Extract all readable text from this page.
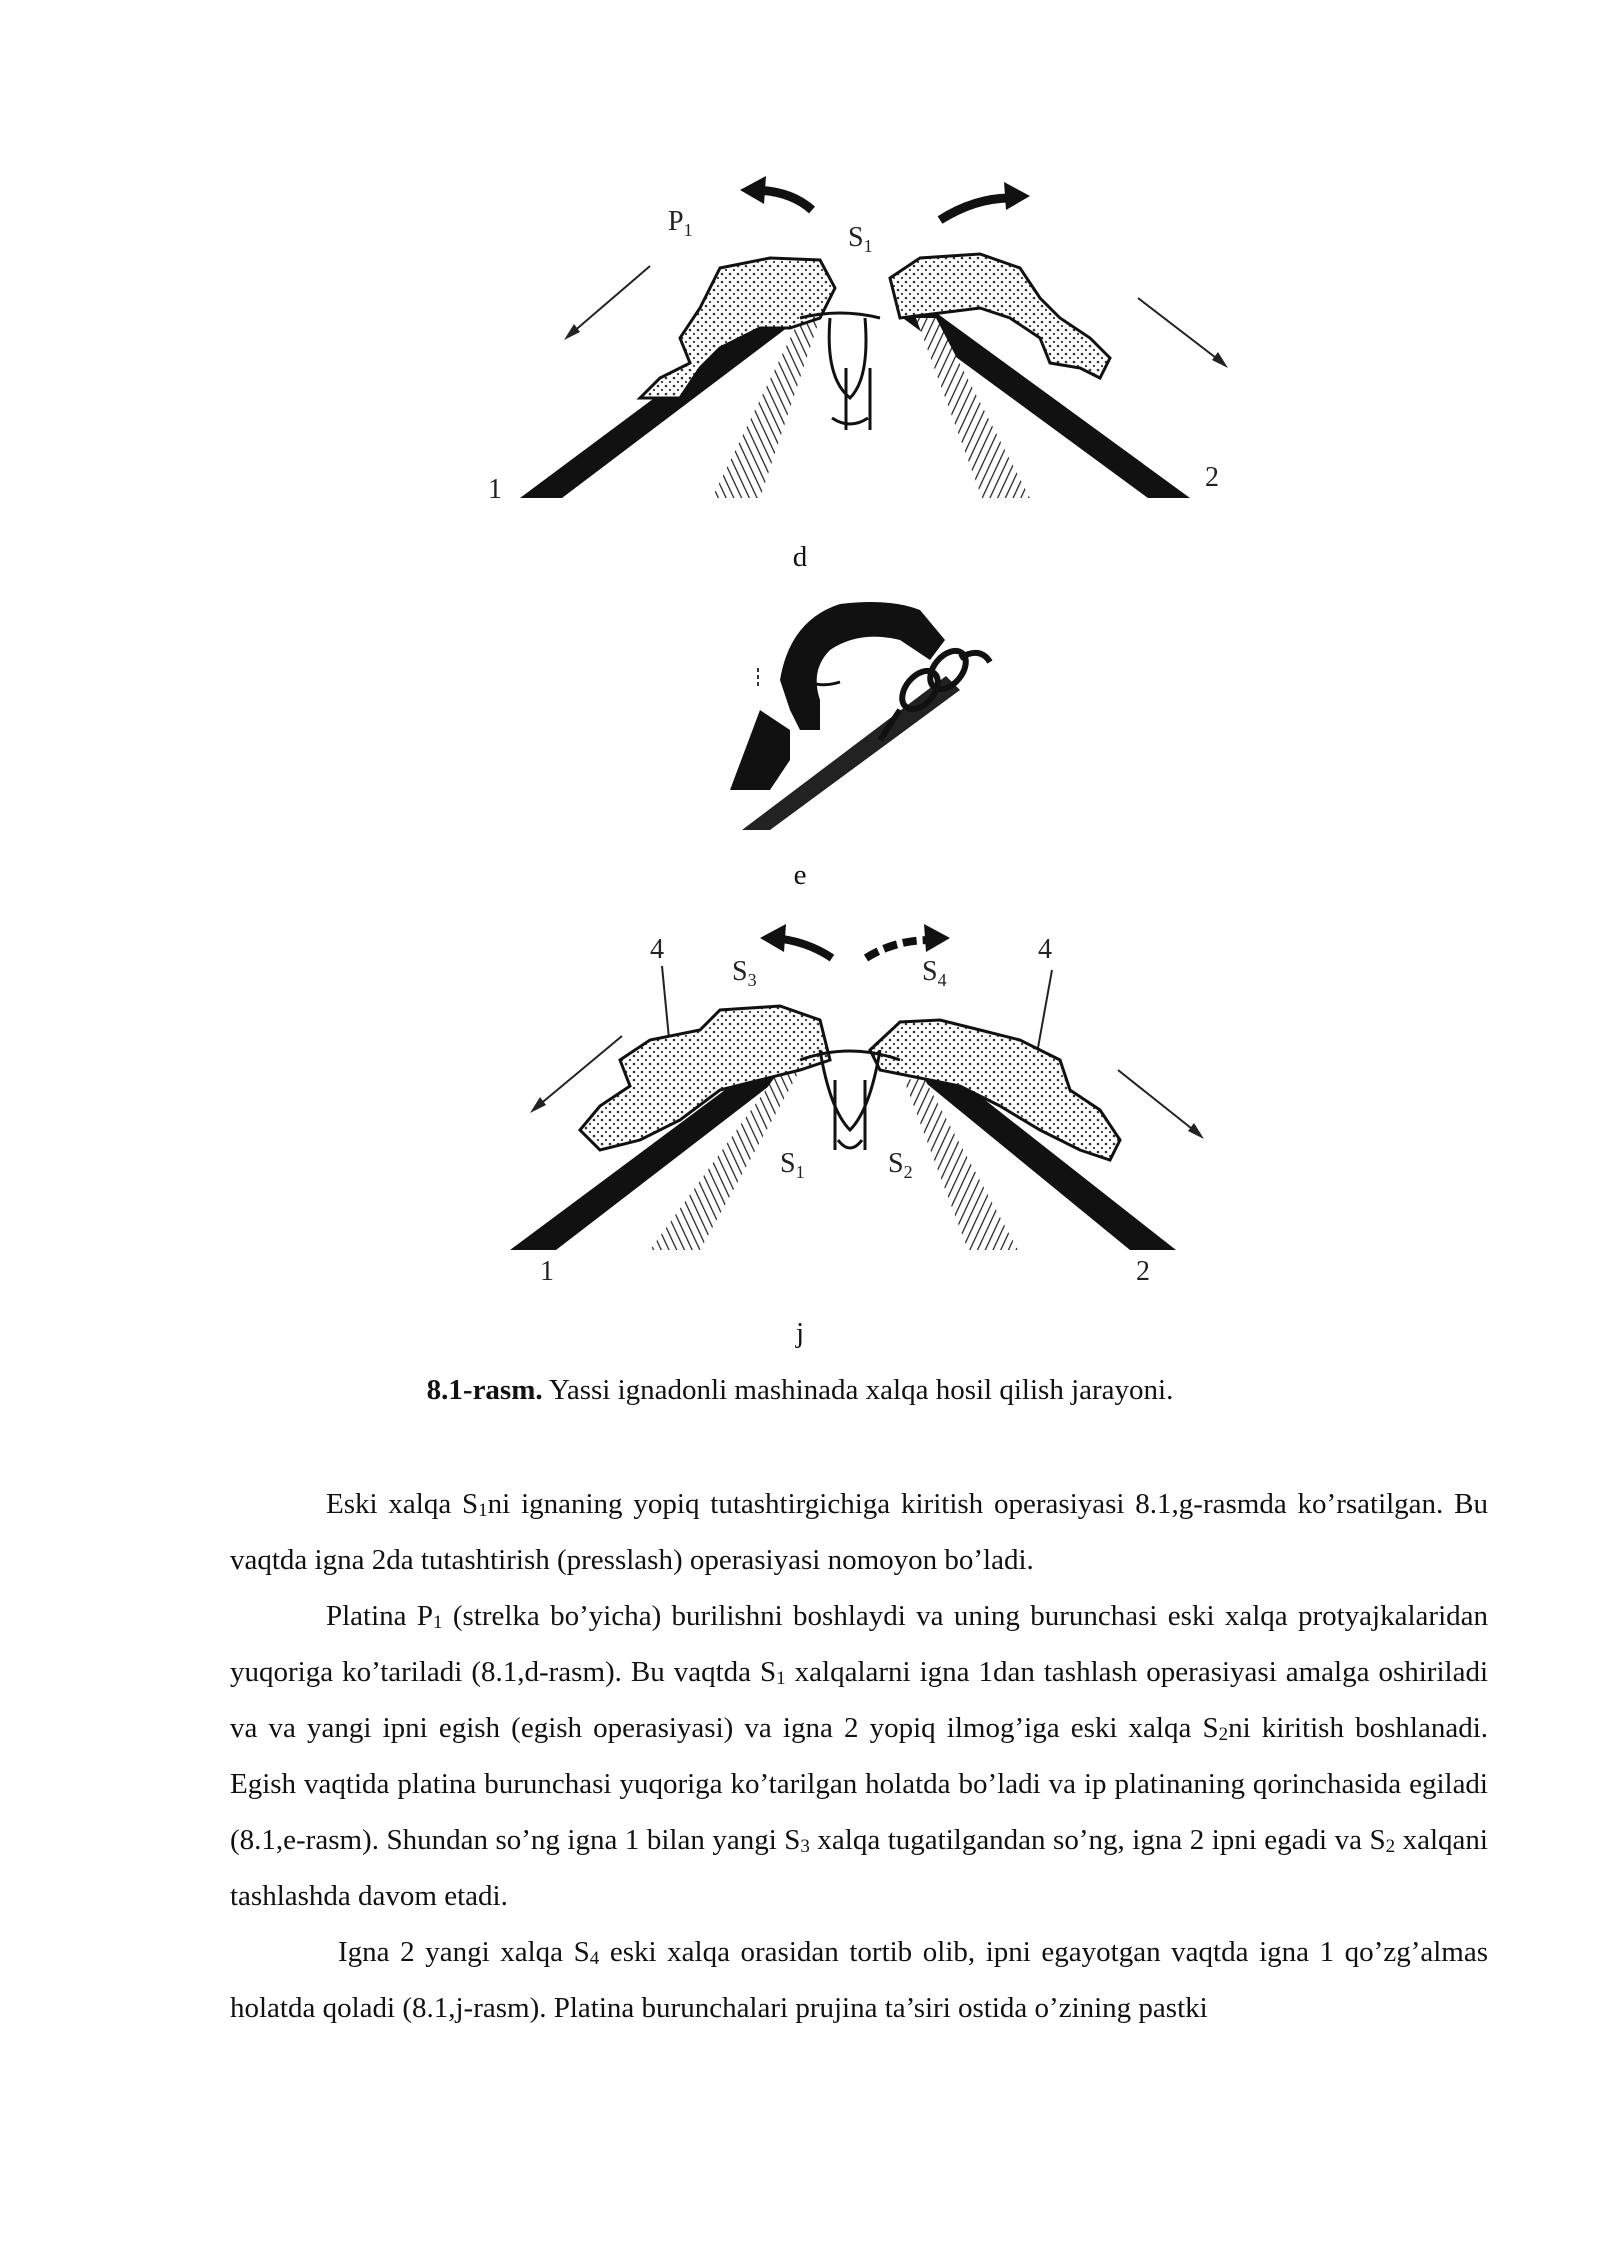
$P_1$	$S_1$
1	2
d
e
4	4
$S_3$	$S_4$
$S_1$	$S_2$
1	2
j
8.1-rasm. Yassi ignadonli mashinada xalqa hosil qilish jarayoni.

Eski xalqa $S_1ni$ ignaning yopiq tutashtirgichiga kiritish operasiyasi 8.1,g-rasmda ko’rsatilgan. Bu vaqtda igna 2da tutashtirish (presslash) operasiyasi nomoyon bo’ladi.

Platina $P_1$ (strelka bo’yicha) burilishni boshlaydi va uning burunchasi eski xalqa protyajkalaridan yuqoriga ko’tariladi (8.1,d-rasm). Bu vaqtda $S_1$ xalqalarni igna 1dan tashlash operasiyasi amalga oshiriladi va va yangi ipni egish (egish operasiyasi) va igna 2 yopiq ilmog’iga eski xalqa $S_2ni$ kiritish boshlanadi. Egish vaqtida platina burunchasi yuqoriga ko’tarilgan holatda bo’ladi va ip platinaning qorinchasida egiladi (8.1,e-rasm). Shundan so’ng igna 1 bilan yangi $S_3$ xalqa tugatilgandan so’ng, igna 2 ipni egadi va $S_2$ xalqani tashlashda davom etadi.

Igna 2 yangi xalqa $S_4$ eski xalqa orasidan tortib olib, ipni egayotgan vaqtda igna 1 qo’zg’almas holatda qoladi (8.1,j-rasm). Platina burunchalari prujina ta’siri ostida o’zining pastki
